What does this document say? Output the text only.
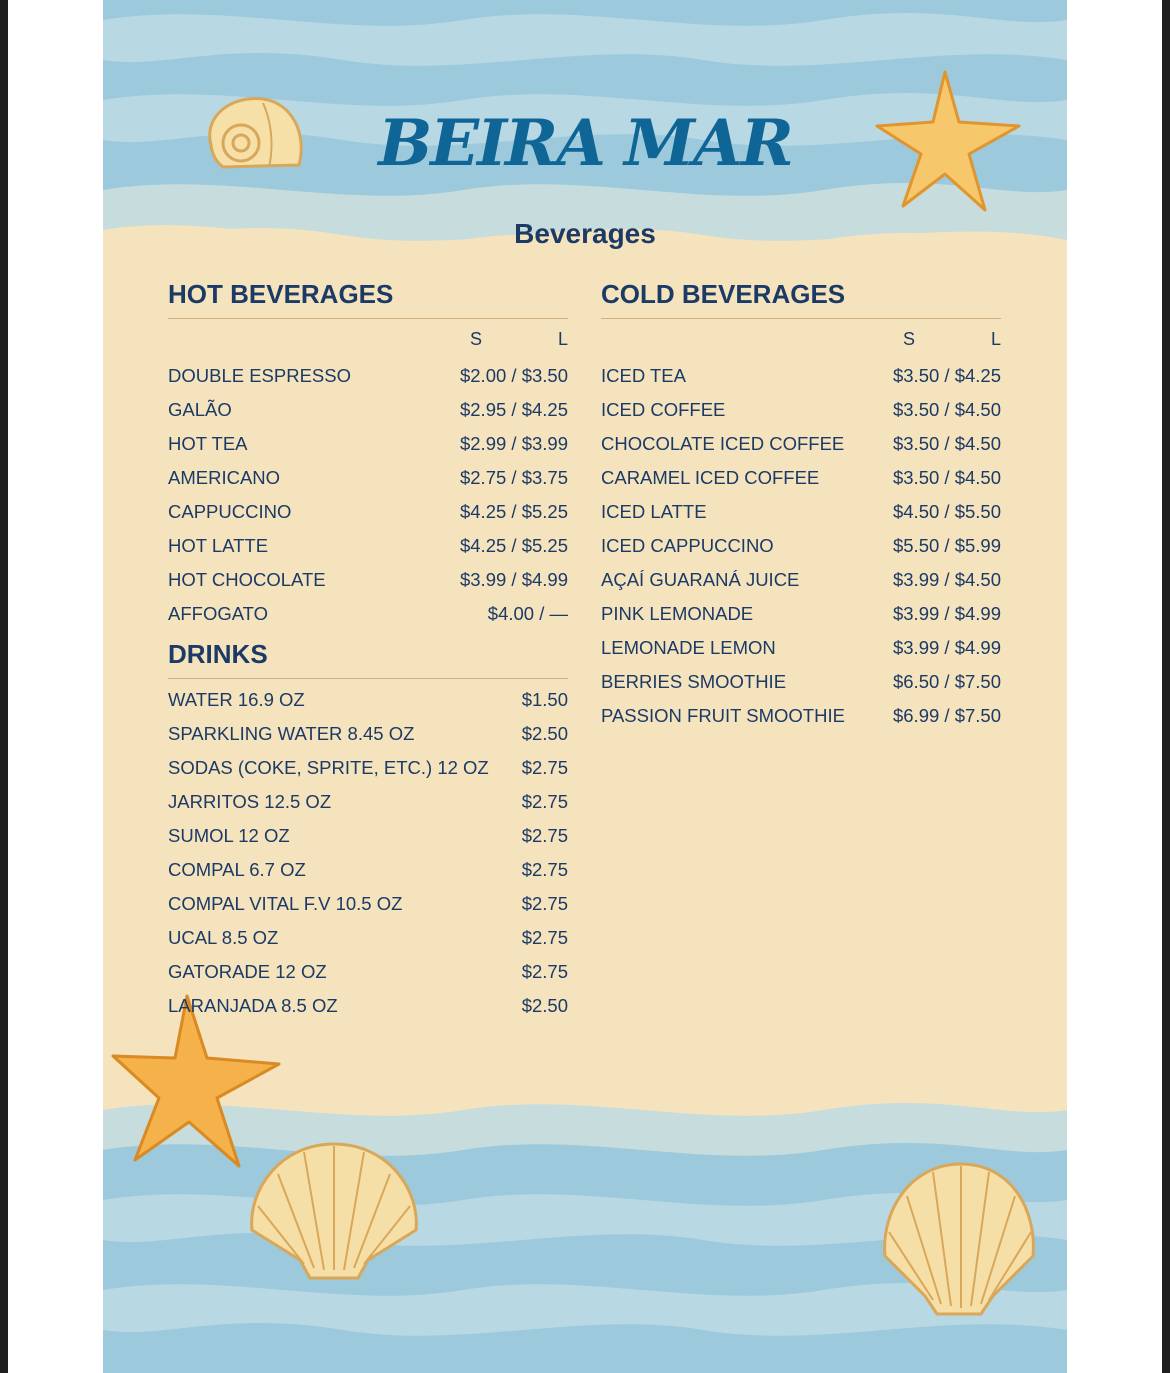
BEIRA MAR
Beverages
HOT BEVERAGES
S	L
DOUBLE ESPRESSO	$2.00 / $3.50
GALÃO	$2.95 / $4.25
HOT TEA	$2.99 / $3.99
AMERICANO	$2.75 / $3.75
CAPPUCCINO	$4.25 / $5.25
HOT LATTE	$4.25 / $5.25
HOT CHOCOLATE	$3.99 / $4.99
AFFOGATO	$4.00 / —
DRINKS
WATER 16.9 OZ	$1.50
SPARKLING WATER 8.45 OZ	$2.50
SODAS (COKE, SPRITE, ETC.) 12 OZ $2.75
JARRITOS 12.5 OZ	$2.75
SUMOL 12 OZ	$2.75
COMPAL 6.7 OZ	$2.75
COMPAL VITAL F.V 10.5 OZ	$2.75
UCAL 8.5 OZ	$2.75
GATORADE 12 OZ	$2.75
LARANJADA 8.5 OZ	$2.50
COLD BEVERAGES
S	L
ICED TEA	$3.50 / $4.25
ICED COFFEE	$3.50 / $4.50
CHOCOLATE ICED COFFEE	$3.50 / $4.50
CARAMEL ICED COFFEE	$3.50 / $4.50
ICED LATTE	$4.50 / $5.50
ICED CAPPUCCINO	$5.50 / $5.99
AÇAÍ GUARANÁ JUICE	$3.99 / $4.50
PINK LEMONADE	$3.99 / $4.99
LEMONADE LEMON	$3.99 / $4.99
BERRIES SMOOTHIE	$6.50 / $7.50
PASSION FRUIT SMOOTHIE	$6.99 / $7.50
